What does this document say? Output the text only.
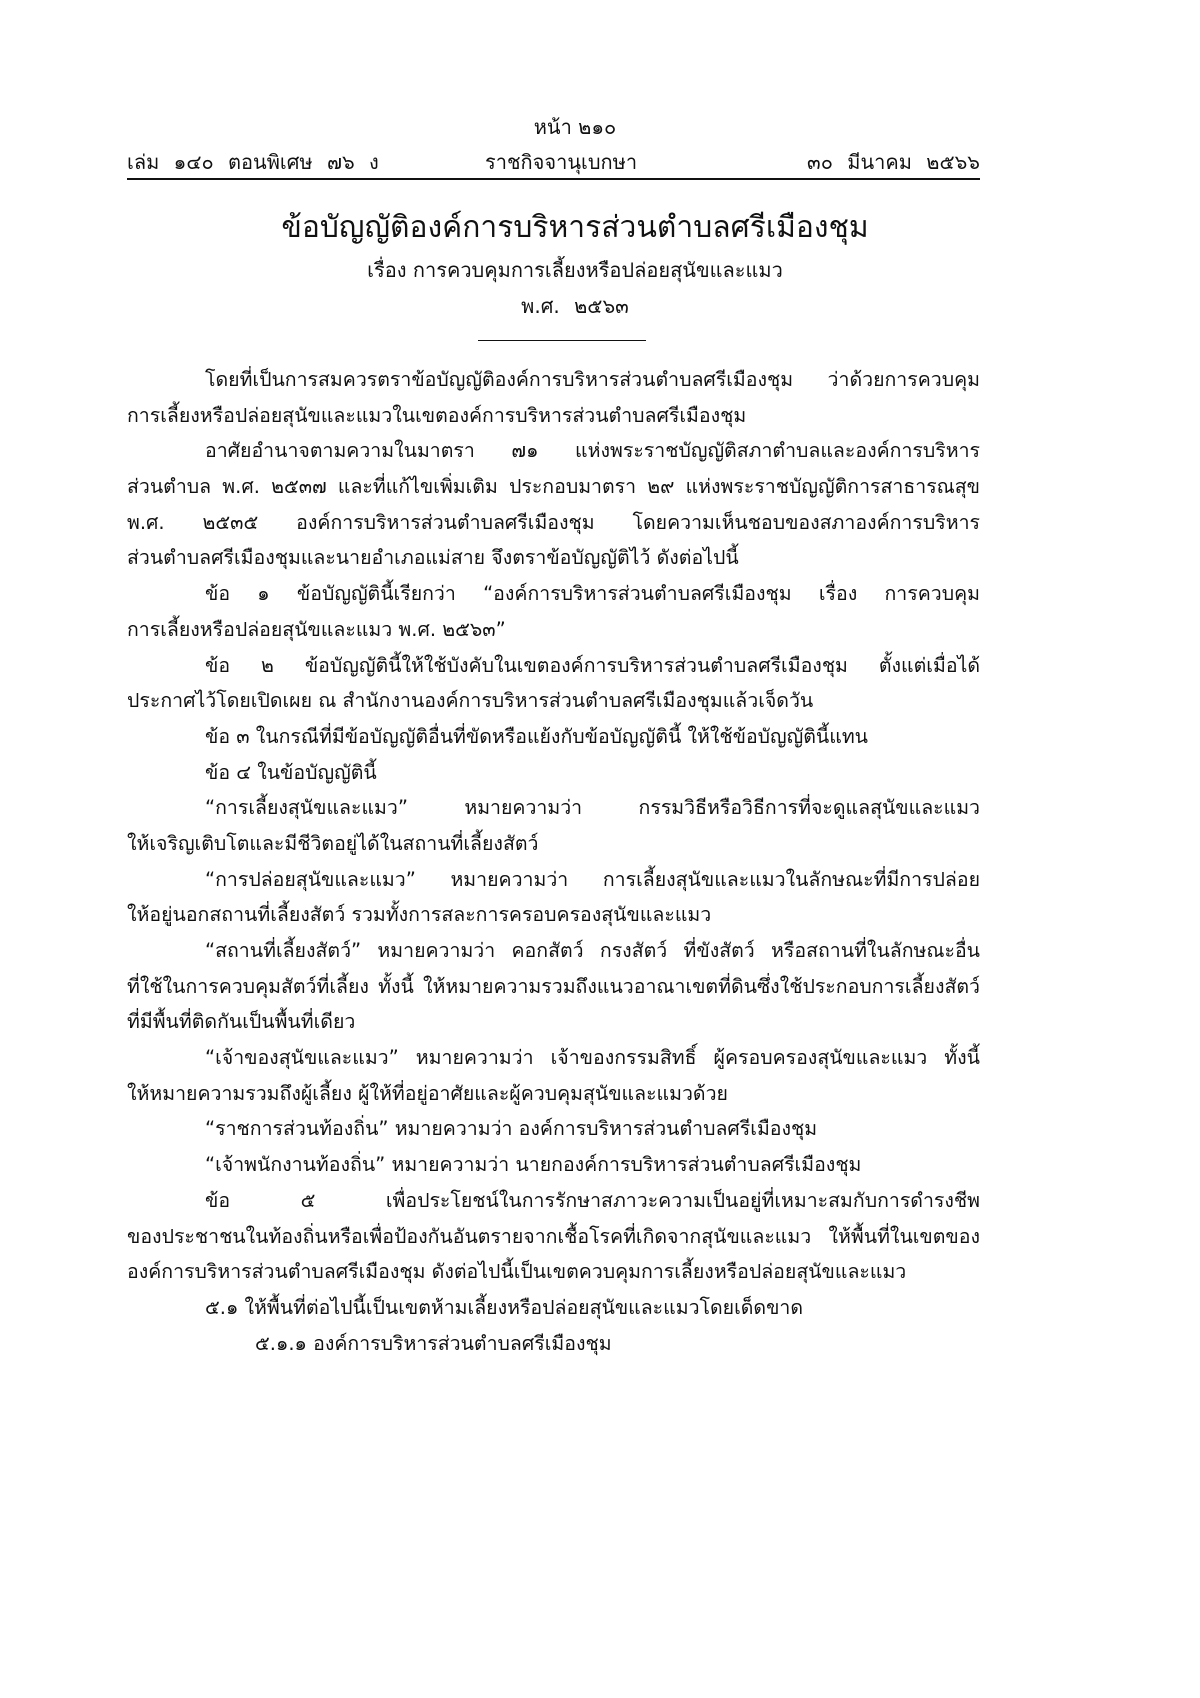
หน้า ๒๑๐
เล่ม ๑๔๐ ตอนพิเศษ ๗๖ ง	ราชกิจจานุเบกษา	๓๐ มีนาคม ๒๕๖๖
ข้อบัญญัติองค์การบริหารส่วนตำบลศรีเมืองชุม
เรื่อง การควบคุมการเลี้ยงหรือปล่อยสุนัขและแมว
พ.ศ. ๒๕๖๓
โดยที่เป็นการสมควรตราข้อบัญญัติองค์การบริหารส่วนตำบลศรีเมืองชุม ว่าด้วยการควบคุม
การเลี้ยงหรือปล่อยสุนัขและแมวในเขตองค์การบริหารส่วนตำบลศรีเมืองชุม
อาศัยอำนาจตามความในมาตรา ๗๑ แห่งพระราชบัญญัติสภาตำบลและองค์การบริหาร
ส่วนตำบล พ.ศ. ๒๕๓๗ และที่แก้ไขเพิ่มเติม ประกอบมาตรา ๒๙ แห่งพระราชบัญญัติการสาธารณสุข
พ.ศ. ๒๕๓๕ องค์การบริหารส่วนตำบลศรีเมืองชุม โดยความเห็นชอบของสภาองค์การบริหาร
ส่วนตำบลศรีเมืองชุมและนายอำเภอแม่สาย จึงตราข้อบัญญัติไว้ ดังต่อไปนี้
ข้อ ๑ ข้อบัญญัตินี้เรียกว่า “องค์การบริหารส่วนตำบลศรีเมืองชุม เรื่อง การควบคุม
การเลี้ยงหรือปล่อยสุนัขและแมว พ.ศ. ๒๕๖๓”
ข้อ ๒ ข้อบัญญัตินี้ให้ใช้บังคับในเขตองค์การบริหารส่วนตำบลศรีเมืองชุม ตั้งแต่เมื่อได้
ประกาศไว้โดยเปิดเผย ณ สำนักงานองค์การบริหารส่วนตำบลศรีเมืองชุมแล้วเจ็ดวัน
ข้อ ๓ ในกรณีที่มีข้อบัญญัติอื่นที่ขัดหรือแย้งกับข้อบัญญัตินี้ ให้ใช้ข้อบัญญัตินี้แทน
ข้อ ๔ ในข้อบัญญัตินี้
“การเลี้ยงสุนัขและแมว” หมายความว่า กรรมวิธีหรือวิธีการที่จะดูแลสุนัขและแมว
ให้เจริญเติบโตและมีชีวิตอยู่ได้ในสถานที่เลี้ยงสัตว์
“การปล่อยสุนัขและแมว” หมายความว่า การเลี้ยงสุนัขและแมวในลักษณะที่มีการปล่อย
ให้อยู่นอกสถานที่เลี้ยงสัตว์ รวมทั้งการสละการครอบครองสุนัขและแมว
“สถานที่เลี้ยงสัตว์” หมายความว่า คอกสัตว์ กรงสัตว์ ที่ขังสัตว์ หรือสถานที่ในลักษณะอื่น
ที่ใช้ในการควบคุมสัตว์ที่เลี้ยง ทั้งนี้ ให้หมายความรวมถึงแนวอาณาเขตที่ดินซึ่งใช้ประกอบการเลี้ยงสัตว์
ที่มีพื้นที่ติดกันเป็นพื้นที่เดียว
“เจ้าของสุนัขและแมว” หมายความว่า เจ้าของกรรมสิทธิ์ ผู้ครอบครองสุนัขและแมว ทั้งนี้
ให้หมายความรวมถึงผู้เลี้ยง ผู้ให้ที่อยู่อาศัยและผู้ควบคุมสุนัขและแมวด้วย
“ราชการส่วนท้องถิ่น” หมายความว่า องค์การบริหารส่วนตำบลศรีเมืองชุม
“เจ้าพนักงานท้องถิ่น” หมายความว่า นายกองค์การบริหารส่วนตำบลศรีเมืองชุม
ข้อ ๕ เพื่อประโยชน์ในการรักษาสภาวะความเป็นอยู่ที่เหมาะสมกับการดำรงชีพ
ของประชาชนในท้องถิ่นหรือเพื่อป้องกันอันตรายจากเชื้อโรคที่เกิดจากสุนัขและแมว ให้พื้นที่ในเขตของ
องค์การบริหารส่วนตำบลศรีเมืองชุม ดังต่อไปนี้เป็นเขตควบคุมการเลี้ยงหรือปล่อยสุนัขและแมว
๕.๑ ให้พื้นที่ต่อไปนี้เป็นเขตห้ามเลี้ยงหรือปล่อยสุนัขและแมวโดยเด็ดขาด
๕.๑.๑ องค์การบริหารส่วนตำบลศรีเมืองชุม
